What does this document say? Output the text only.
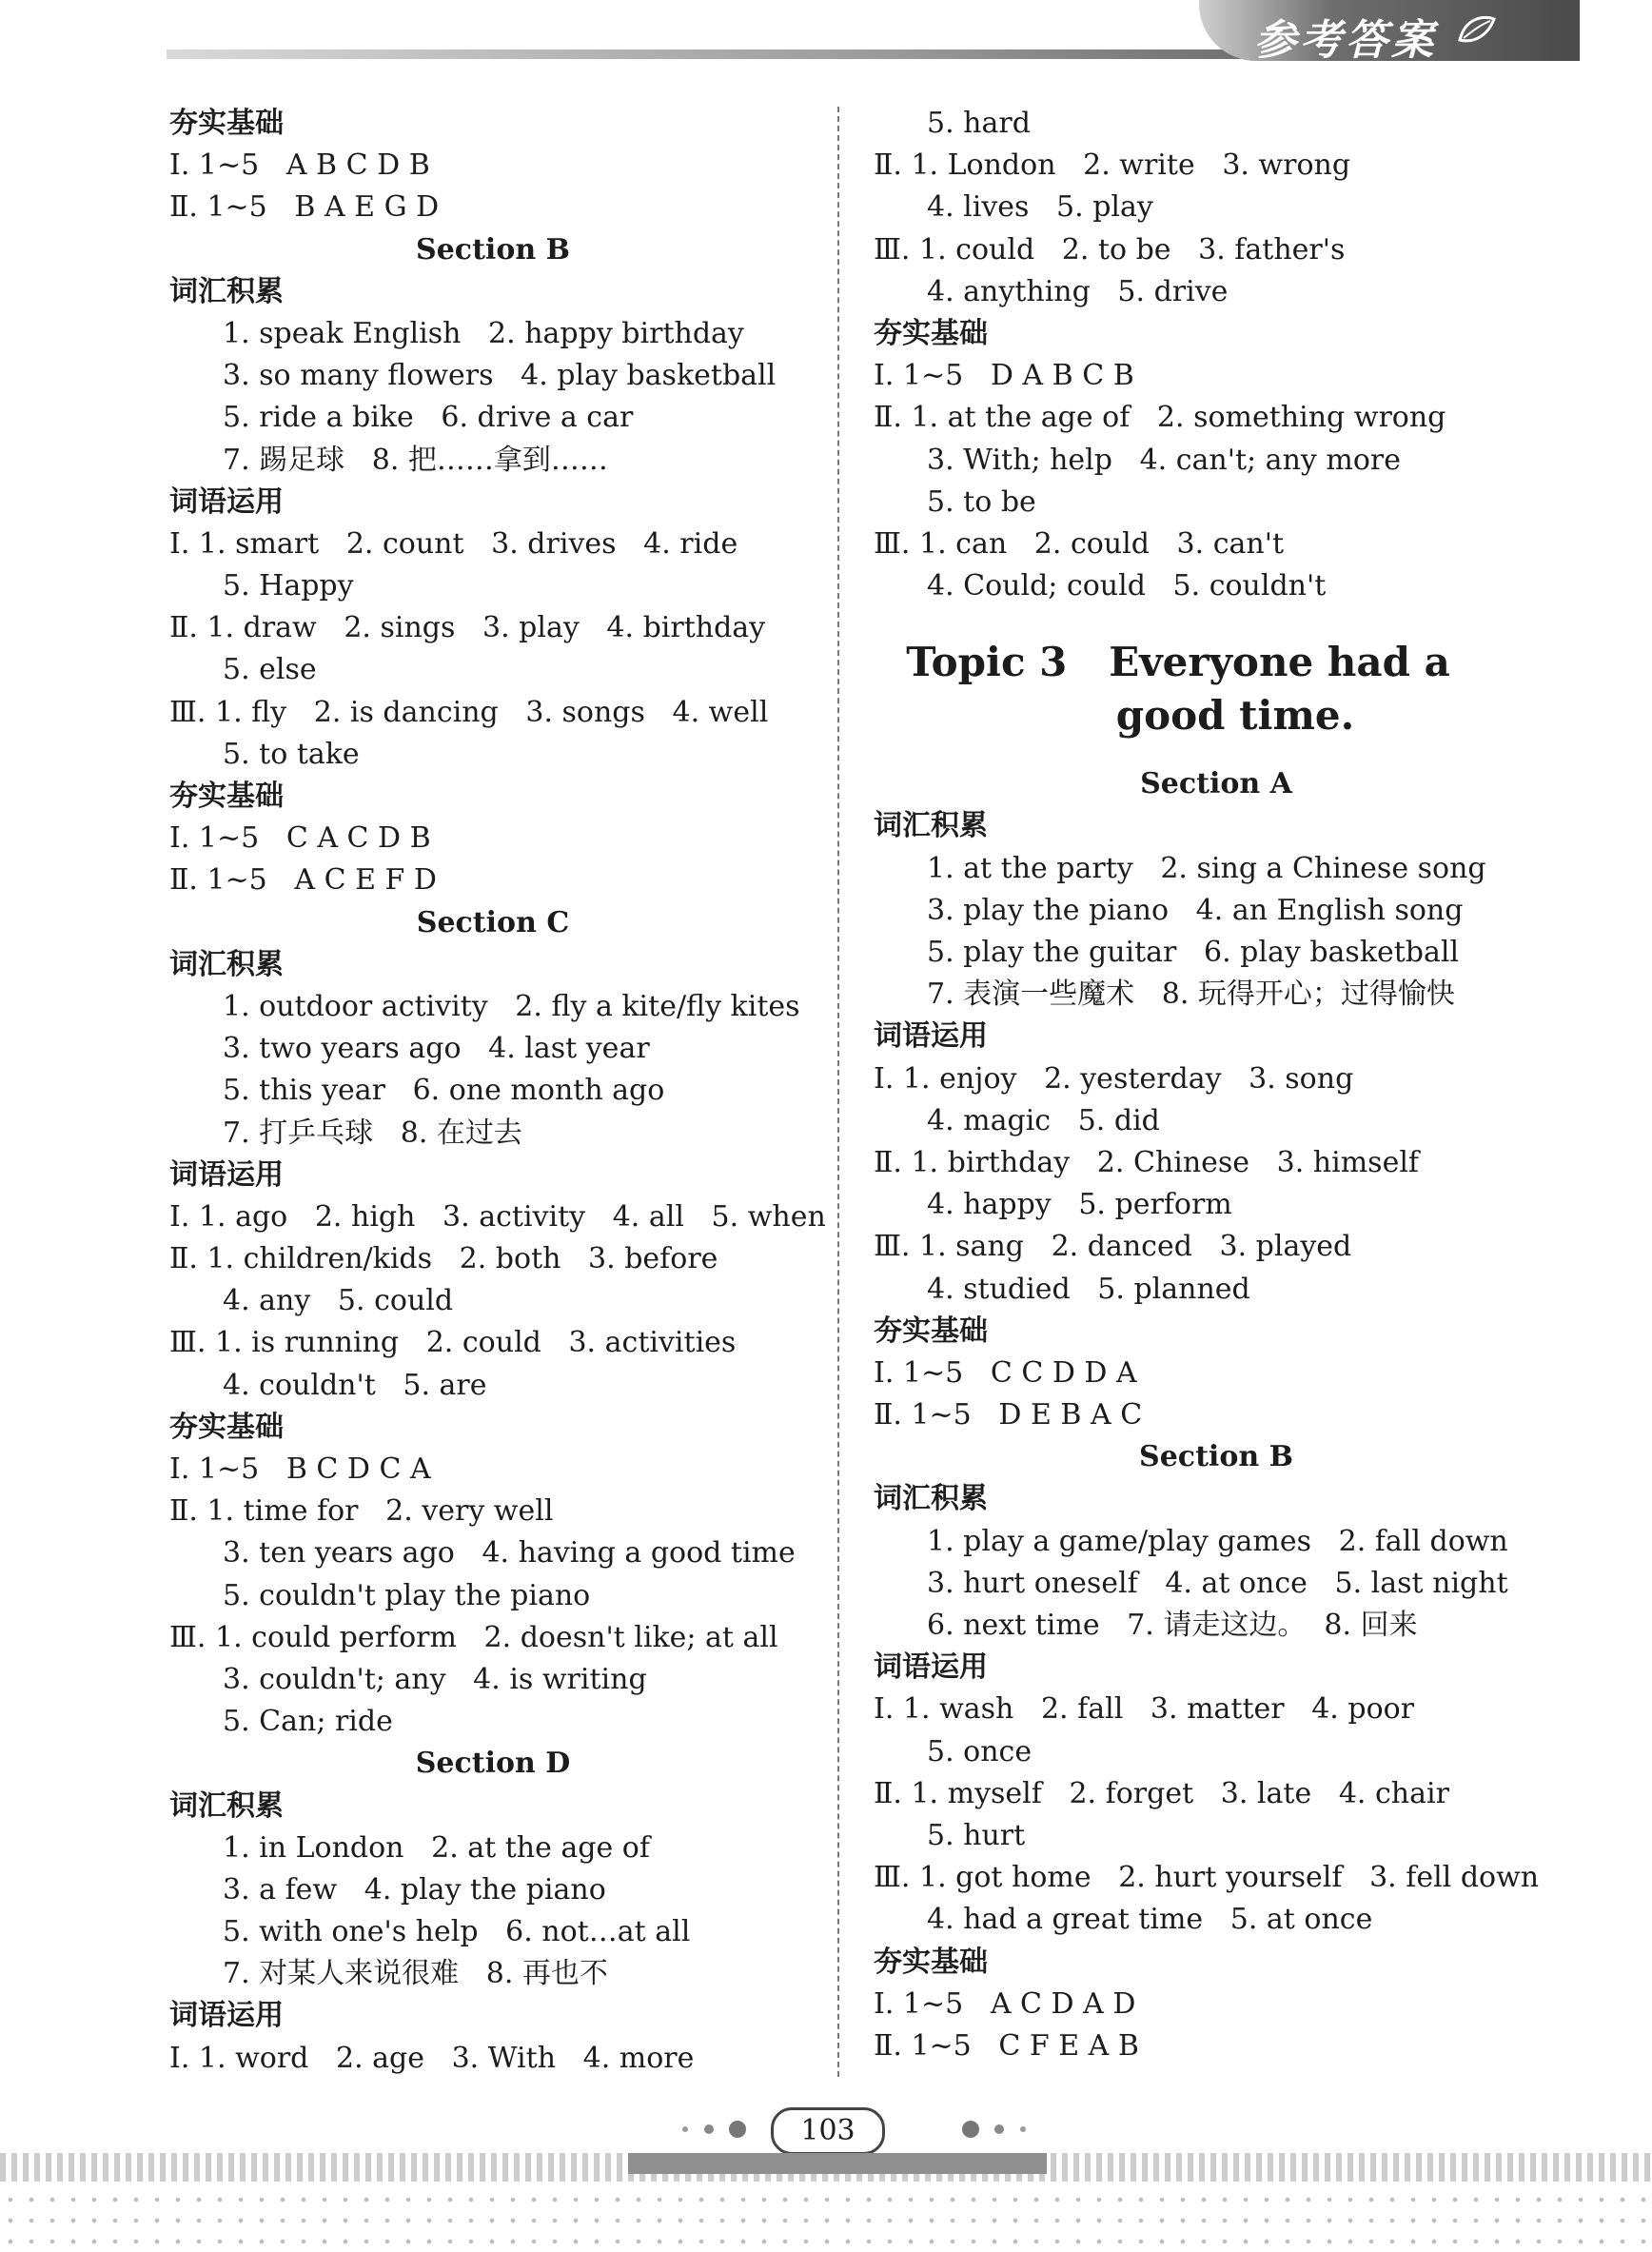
参考答案
夯实基础
Ⅰ. 1~5   A B C D B
Ⅱ. 1~5   B A E G D
Section B
词汇积累
1. speak English   2. happy birthday
3. so many flowers   4. play basketball
5. ride a bike   6. drive a car
7. 踢足球   8. 把……拿到……
词语运用
Ⅰ. 1. smart   2. count   3. drives   4. ride
5. Happy
Ⅱ. 1. draw   2. sings   3. play   4. birthday
5. else
Ⅲ. 1. fly   2. is dancing   3. songs   4. well
5. to take
夯实基础
Ⅰ. 1~5   C A C D B
Ⅱ. 1~5   A C E F D
Section C
词汇积累
1. outdoor activity   2. fly a kite/fly kites
3. two years ago   4. last year
5. this year   6. one month ago
7. 打乒乓球   8. 在过去
词语运用
Ⅰ. 1. ago   2. high   3. activity   4. all   5. when
Ⅱ. 1. children/kids   2. both   3. before
4. any   5. could
Ⅲ. 1. is running   2. could   3. activities
4. couldn't   5. are
夯实基础
Ⅰ. 1~5   B C D C A
Ⅱ. 1. time for   2. very well
3. ten years ago   4. having a good time
5. couldn't play the piano
Ⅲ. 1. could perform   2. doesn't like; at all
3. couldn't; any   4. is writing
5. Can; ride
Section D
词汇积累
1. in London   2. at the age of
3. a few   4. play the piano
5. with one's help   6. not…at all
7. 对某人来说很难   8. 再也不
词语运用
Ⅰ. 1. word   2. age   3. With   4. more
5. hard
Ⅱ. 1. London   2. write   3. wrong
4. lives   5. play
Ⅲ. 1. could   2. to be   3. father's
4. anything   5. drive
夯实基础
Ⅰ. 1~5   D A B C B
Ⅱ. 1. at the age of   2. something wrong
3. With; help   4. can't; any more
5. to be
Ⅲ. 1. can   2. could   3. can't
4. Could; could   5. couldn't
Topic 3   Everyone had a
good time.
Section A
词汇积累
1. at the party   2. sing a Chinese song
3. play the piano   4. an English song
5. play the guitar   6. play basketball
7. 表演一些魔术   8. 玩得开心；过得愉快
词语运用
Ⅰ. 1. enjoy   2. yesterday   3. song
4. magic   5. did
Ⅱ. 1. birthday   2. Chinese   3. himself
4. happy   5. perform
Ⅲ. 1. sang   2. danced   3. played
4. studied   5. planned
夯实基础
Ⅰ. 1~5   C C D D A
Ⅱ. 1~5   D E B A C
Section B
词汇积累
1. play a game/play games   2. fall down
3. hurt oneself   4. at once   5. last night
6. next time   7. 请走这边。  8. 回来
词语运用
Ⅰ. 1. wash   2. fall   3. matter   4. poor
5. once
Ⅱ. 1. myself   2. forget   3. late   4. chair
5. hurt
Ⅲ. 1. got home   2. hurt yourself   3. fell down
4. had a great time   5. at once
夯实基础
Ⅰ. 1~5   A C D A D
Ⅱ. 1~5   C F E A B
103
